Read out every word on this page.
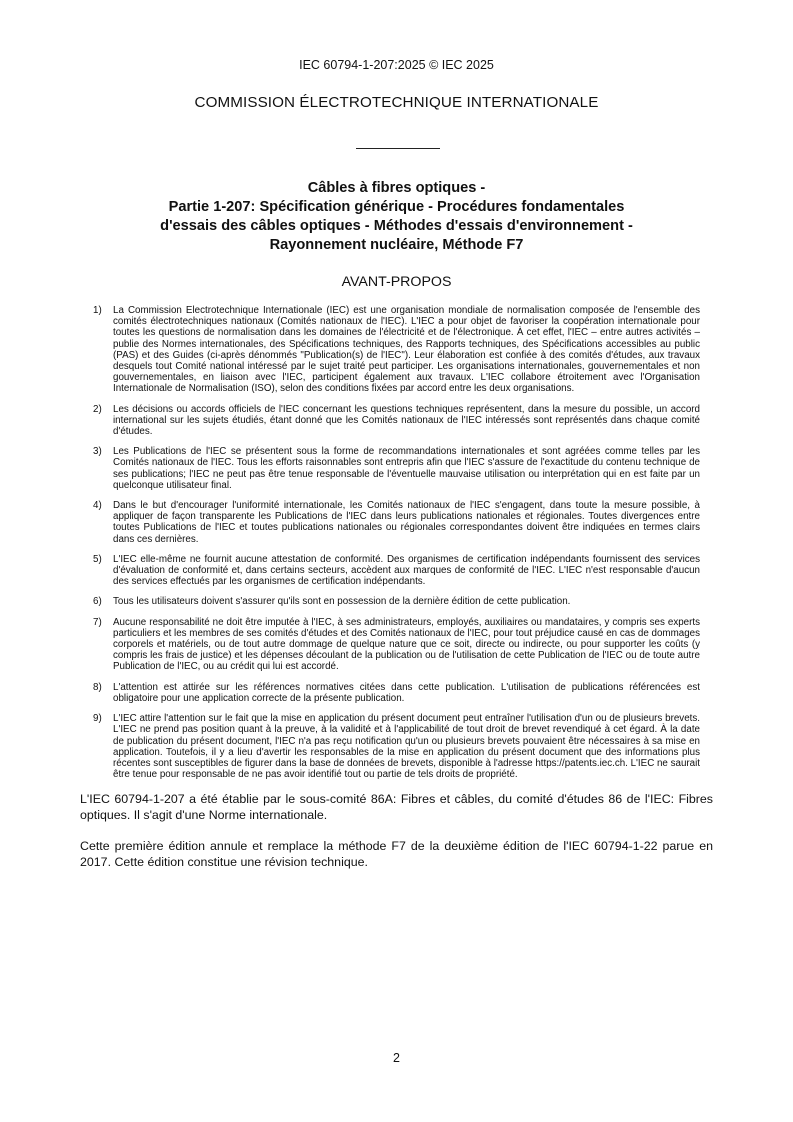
IEC 60794-1-207:2025 © IEC 2025
COMMISSION ÉLECTROTECHNIQUE INTERNATIONALE
Câbles à fibres optiques -
Partie 1-207: Spécification générique - Procédures fondamentales
d'essais des câbles optiques - Méthodes d'essais d'environnement -
Rayonnement nucléaire, Méthode F7
AVANT-PROPOS
1) La Commission Electrotechnique Internationale (IEC) est une organisation mondiale de normalisation composée de l'ensemble des comités électrotechniques nationaux (Comités nationaux de l'IEC). L'IEC a pour objet de favoriser la coopération internationale pour toutes les questions de normalisation dans les domaines de l'électricité et de l'électronique. À cet effet, l'IEC – entre autres activités – publie des Normes internationales, des Spécifications techniques, des Rapports techniques, des Spécifications accessibles au public (PAS) et des Guides (ci-après dénommés "Publication(s) de l'IEC"). Leur élaboration est confiée à des comités d'études, aux travaux desquels tout Comité national intéressé par le sujet traité peut participer. Les organisations internationales, gouvernementales et non gouvernementales, en liaison avec l'IEC, participent également aux travaux. L'IEC collabore étroitement avec l'Organisation Internationale de Normalisation (ISO), selon des conditions fixées par accord entre les deux organisations.
2) Les décisions ou accords officiels de l'IEC concernant les questions techniques représentent, dans la mesure du possible, un accord international sur les sujets étudiés, étant donné que les Comités nationaux de l'IEC intéressés sont représentés dans chaque comité d'études.
3) Les Publications de l'IEC se présentent sous la forme de recommandations internationales et sont agréées comme telles par les Comités nationaux de l'IEC. Tous les efforts raisonnables sont entrepris afin que l'IEC s'assure de l'exactitude du contenu technique de ses publications; l'IEC ne peut pas être tenue responsable de l'éventuelle mauvaise utilisation ou interprétation qui en est faite par un quelconque utilisateur final.
4) Dans le but d'encourager l'uniformité internationale, les Comités nationaux de l'IEC s'engagent, dans toute la mesure possible, à appliquer de façon transparente les Publications de l'IEC dans leurs publications nationales et régionales. Toutes divergences entre toutes Publications de l'IEC et toutes publications nationales ou régionales correspondantes doivent être indiquées en termes clairs dans ces dernières.
5) L'IEC elle-même ne fournit aucune attestation de conformité. Des organismes de certification indépendants fournissent des services d'évaluation de conformité et, dans certains secteurs, accèdent aux marques de conformité de l'IEC. L'IEC n'est responsable d'aucun des services effectués par les organismes de certification indépendants.
6) Tous les utilisateurs doivent s'assurer qu'ils sont en possession de la dernière édition de cette publication.
7) Aucune responsabilité ne doit être imputée à l'IEC, à ses administrateurs, employés, auxiliaires ou mandataires, y compris ses experts particuliers et les membres de ses comités d'études et des Comités nationaux de l'IEC, pour tout préjudice causé en cas de dommages corporels et matériels, ou de tout autre dommage de quelque nature que ce soit, directe ou indirecte, ou pour supporter les coûts (y compris les frais de justice) et les dépenses découlant de la publication ou de l'utilisation de cette Publication de l'IEC ou de toute autre Publication de l'IEC, ou au crédit qui lui est accordé.
8) L'attention est attirée sur les références normatives citées dans cette publication. L'utilisation de publications référencées est obligatoire pour une application correcte de la présente publication.
9) L'IEC attire l'attention sur le fait que la mise en application du présent document peut entraîner l'utilisation d'un ou de plusieurs brevets. L'IEC ne prend pas position quant à la preuve, à la validité et à l'applicabilité de tout droit de brevet revendiqué à cet égard. À la date de publication du présent document, l'IEC n'a pas reçu notification qu'un ou plusieurs brevets pouvaient être nécessaires à sa mise en application. Toutefois, il y a lieu d'avertir les responsables de la mise en application du présent document que des informations plus récentes sont susceptibles de figurer dans la base de données de brevets, disponible à l'adresse https://patents.iec.ch. L'IEC ne saurait être tenue pour responsable de ne pas avoir identifié tout ou partie de tels droits de propriété.

L'IEC 60794-1-207 a été établie par le sous-comité 86A: Fibres et câbles, du comité d'études 86 de l'IEC: Fibres optiques. Il s'agit d'une Norme internationale.

Cette première édition annule et remplace la méthode F7 de la deuxième édition de l'IEC 60794-1-22 parue en 2017. Cette édition constitue une révision technique.

2
